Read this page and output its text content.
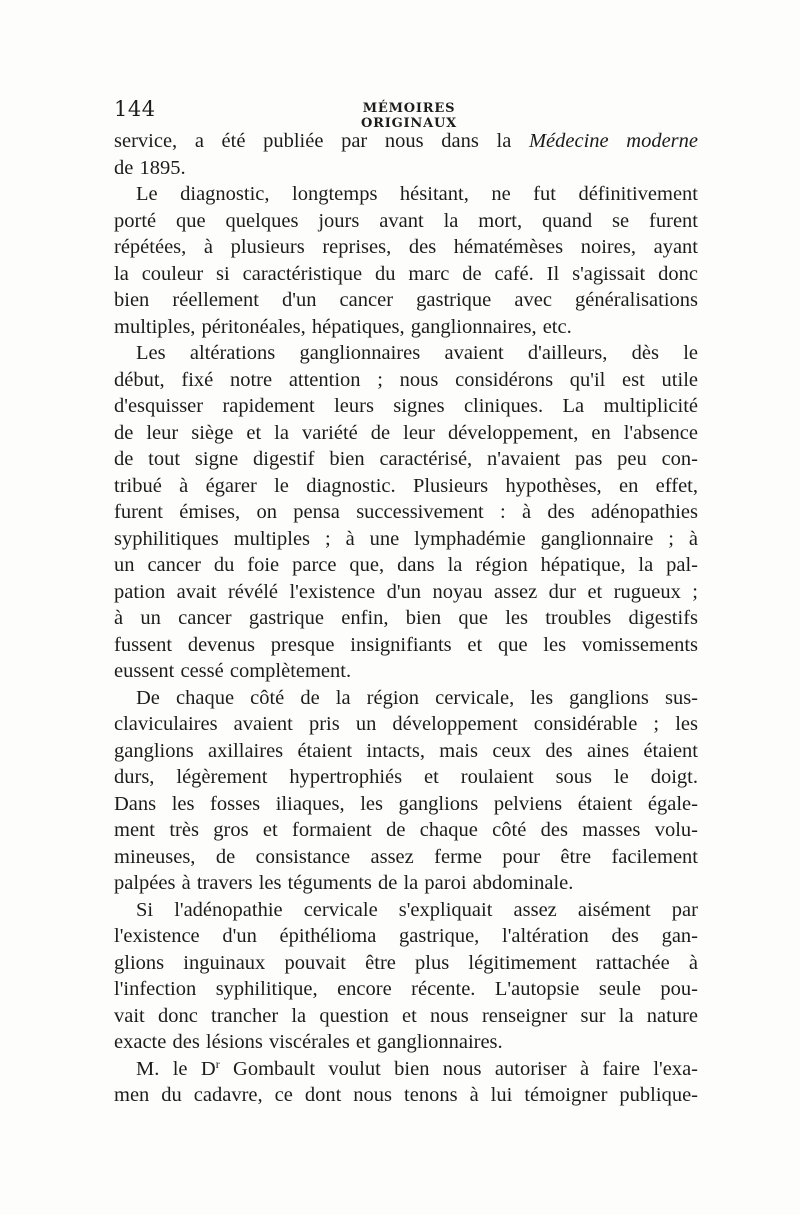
144	MÉMOIRES ORIGINAUX
service, a été publiée par nous dans la Médecine moderne
de 1895.
Le diagnostic, longtemps hésitant, ne fut définitivement
porté que quelques jours avant la mort, quand se furent
répétées, à plusieurs reprises, des hématémèses noires, ayant
la couleur si caractéristique du marc de café. Il s'agissait donc
bien réellement d'un cancer gastrique avec généralisations
multiples, péritonéales, hépatiques, ganglionnaires, etc.
Les altérations ganglionnaires avaient d'ailleurs, dès le
début, fixé notre attention ; nous considérons qu'il est utile
d'esquisser rapidement leurs signes cliniques. La multiplicité
de leur siège et la variété de leur développement, en l'absence
de tout signe digestif bien caractérisé, n'avaient pas peu con-
tribué à égarer le diagnostic. Plusieurs hypothèses, en effet,
furent émises, on pensa successivement : à des adénopathies
syphilitiques multiples ; à une lymphadémie ganglionnaire ; à
un cancer du foie parce que, dans la région hépatique, la pal-
pation avait révélé l'existence d'un noyau assez dur et rugueux ;
à un cancer gastrique enfin, bien que les troubles digestifs
fussent devenus presque insignifiants et que les vomissements
eussent cessé complètement.
De chaque côté de la région cervicale, les ganglions sus-
claviculaires avaient pris un développement considérable ; les
ganglions axillaires étaient intacts, mais ceux des aines étaient
durs, légèrement hypertrophiés et roulaient sous le doigt.
Dans les fosses iliaques, les ganglions pelviens étaient égale-
ment très gros et formaient de chaque côté des masses volu-
mineuses, de consistance assez ferme pour être facilement
palpées à travers les téguments de la paroi abdominale.
Si l'adénopathie cervicale s'expliquait assez aisément par
l'existence d'un épithélioma gastrique, l'altération des gan-
glions inguinaux pouvait être plus légitimement rattachée à
l'infection syphilitique, encore récente. L'autopsie seule pou-
vait donc trancher la question et nous renseigner sur la nature
exacte des lésions viscérales et ganglionnaires.
M. le $D^r$ Gombault voulut bien nous autoriser à faire l'exa-
men du cadavre, ce dont nous tenons à lui témoigner publique-
